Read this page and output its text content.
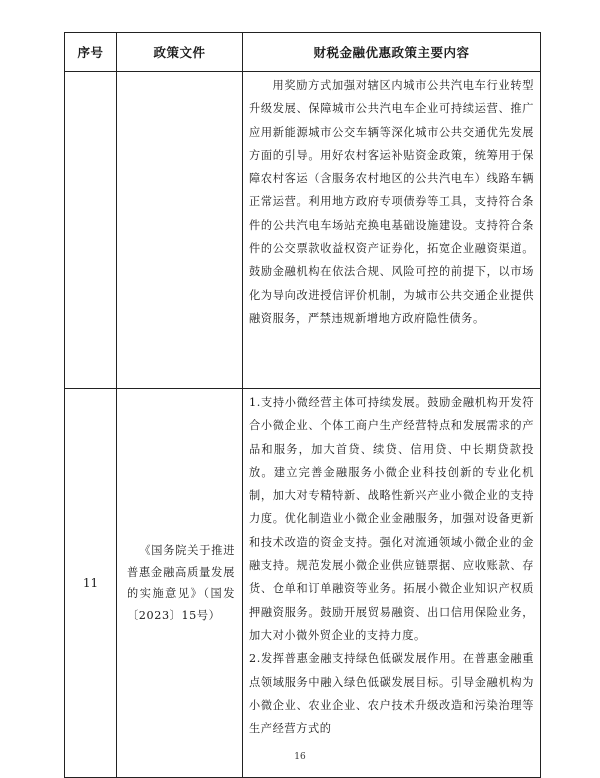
序号	政策文件	财税金融优惠政策主要内容

		用奖励方式加强对辖区内城市公共汽电车行业转型升级发展、保障城市公共汽电车企业可持续运营、推广应用新能源城市公交车辆等深化城市公共交通优先发展方面的引导。用好农村客运补贴资金政策，统筹用于保障农村客运（含服务农村地区的公共汽电车）线路车辆正常运营。利用地方政府专项债券等工具，支持符合条件的公共汽电车场站充换电基础设施建设。支持符合条件的公交票款收益权资产证券化，拓宽企业融资渠道。鼓励金融机构在依法合规、风险可控的前提下，以市场化为导向改进授信评价机制，为城市公共交通企业提供融资服务，严禁违规新增地方政府隐性债务。

11	《国务院关于推进普惠金融高质量发展的实施意见》（国发〔2023〕15号）	1.支持小微经营主体可持续发展。鼓励金融机构开发符合小微企业、个体工商户生产经营特点和发展需求的产品和服务，加大首贷、续贷、信用贷、中长期贷款投放。建立完善金融服务小微企业科技创新的专业化机制，加大对专精特新、战略性新兴产业小微企业的支持力度。优化制造业小微企业金融服务，加强对设备更新和技术改造的资金支持。强化对流通领域小微企业的金融支持。规范发展小微企业供应链票据、应收账款、存货、仓单和订单融资等业务。拓展小微企业知识产权质押融资服务。鼓励开展贸易融资、出口信用保险业务，加大对小微外贸企业的支持力度。

2.发挥普惠金融支持绿色低碳发展作用。在普惠金融重点领域服务中融入绿色低碳发展目标。引导金融机构为小微企业、农业企业、农户技术升级改造和污染治理等生产经营方式的

16
